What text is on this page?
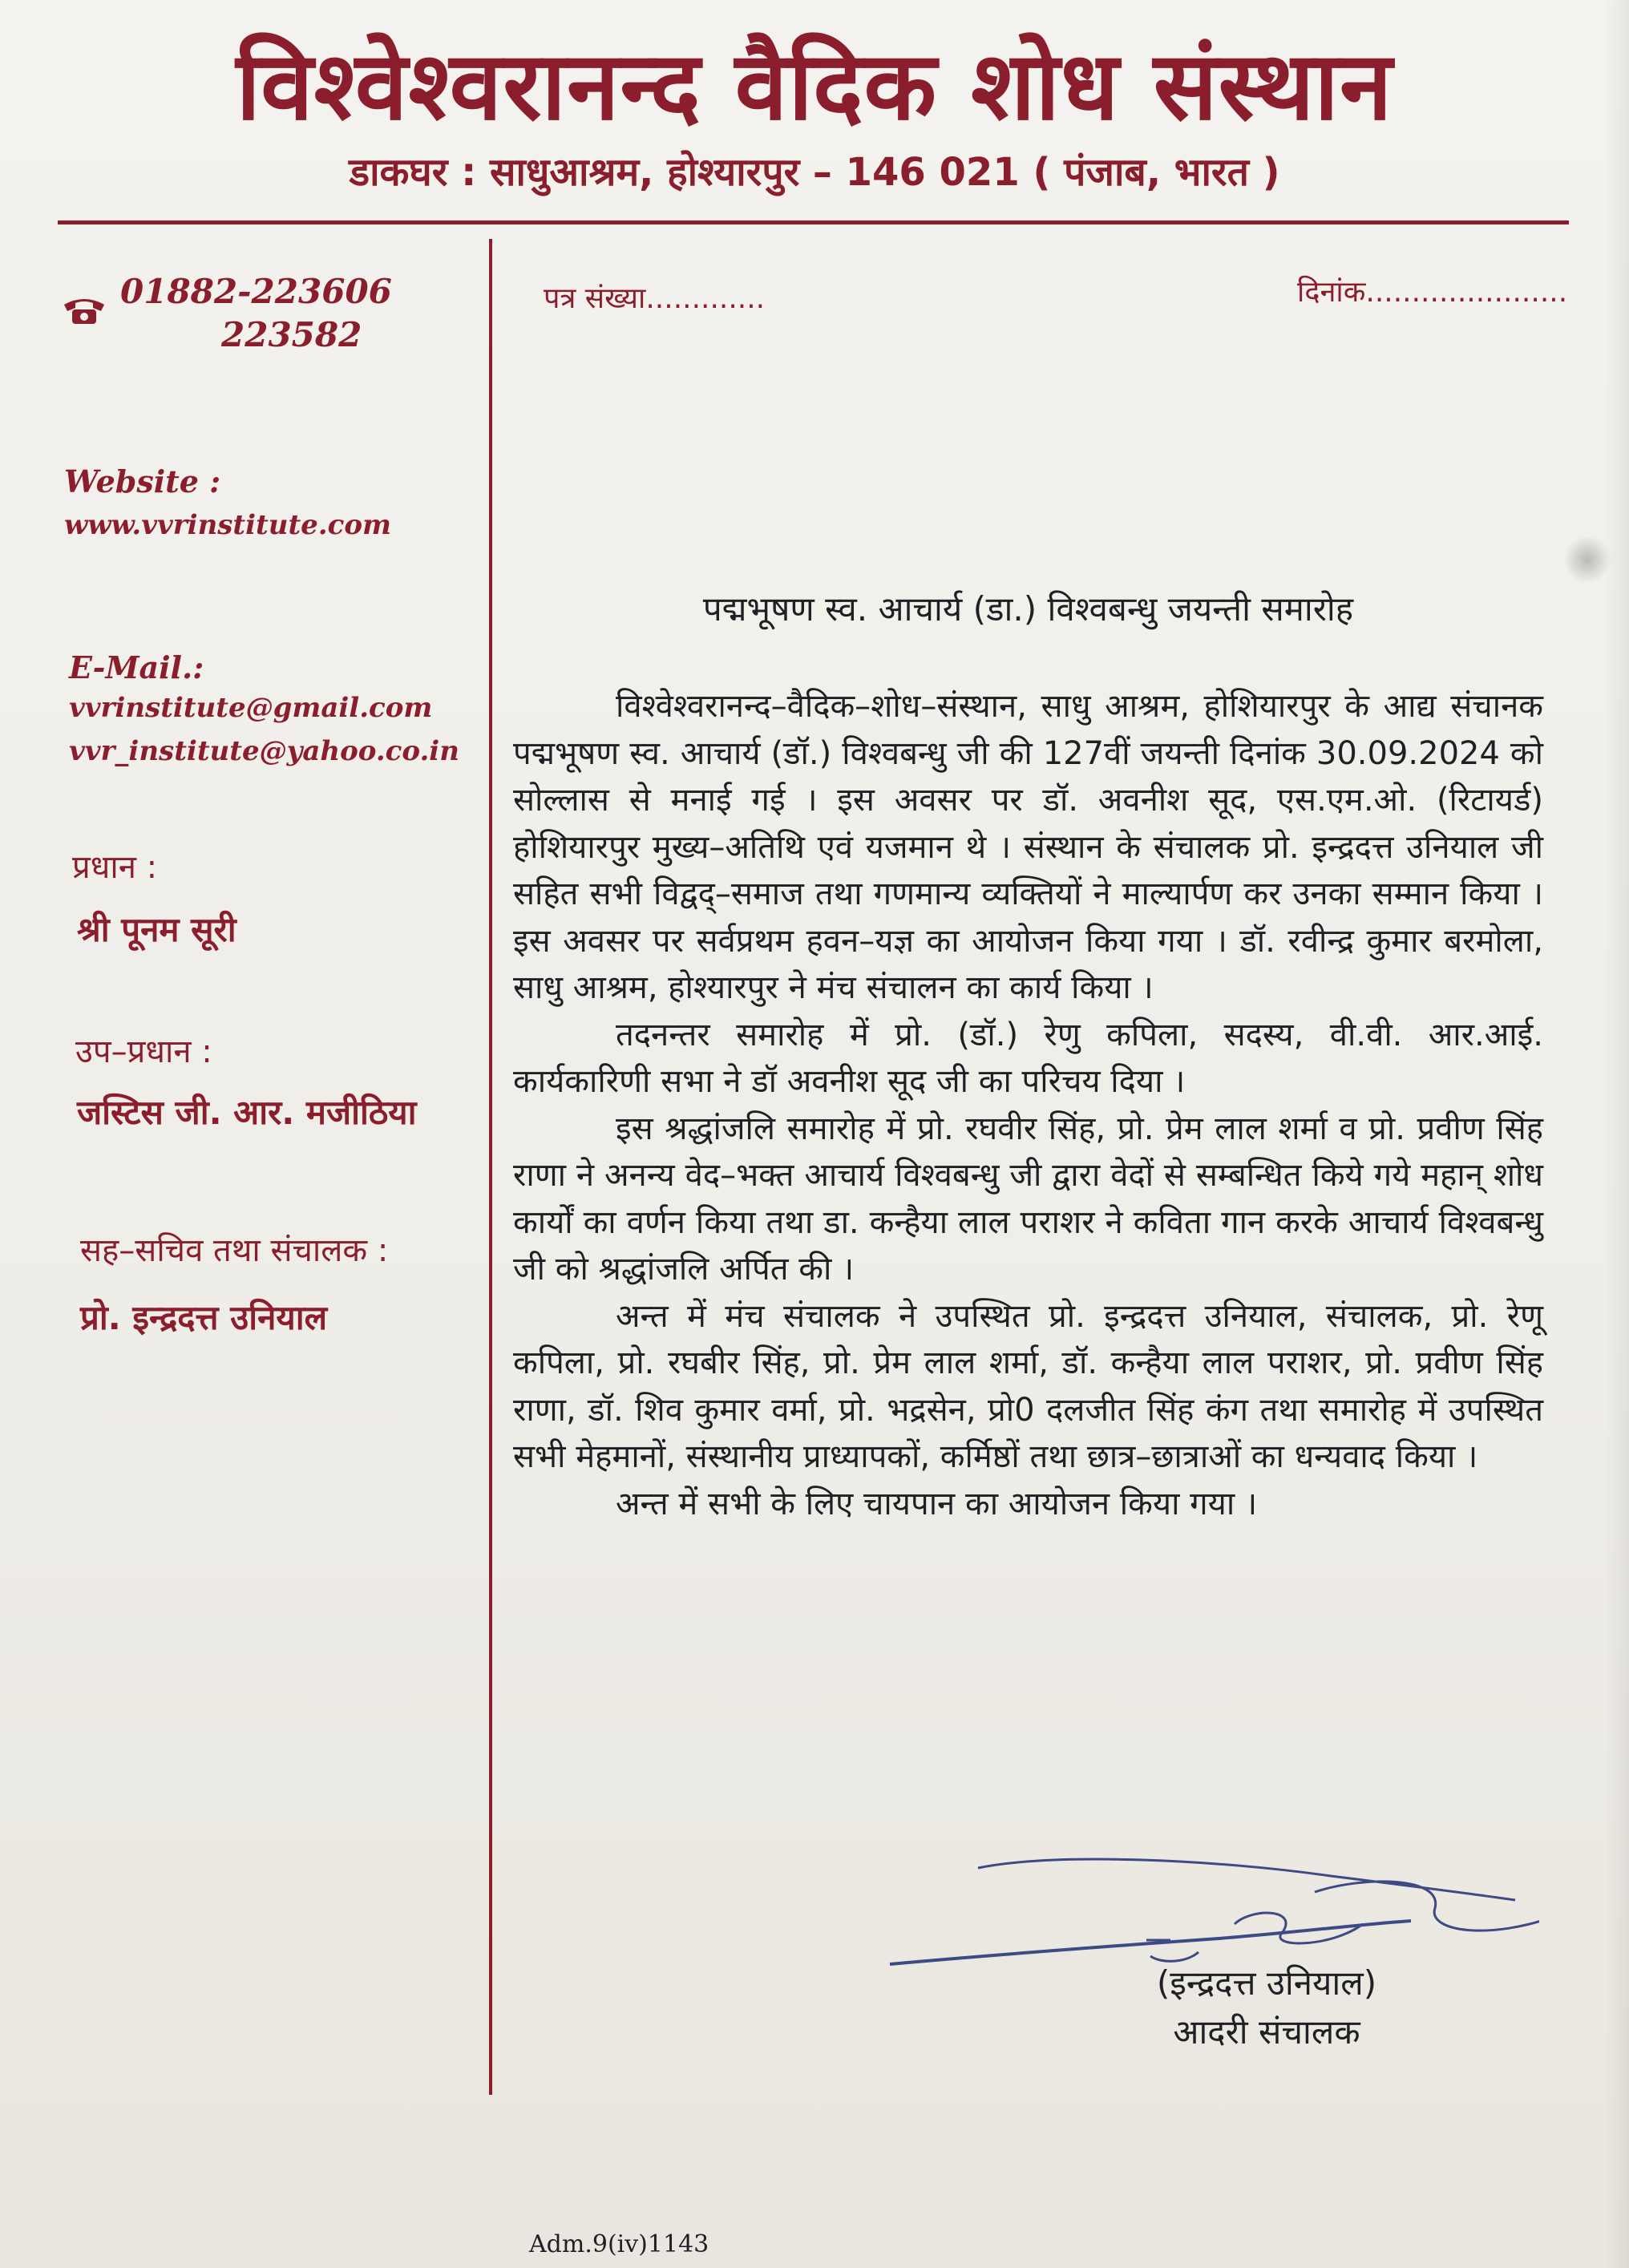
विश्वेश्वरानन्द वैदिक शोध संस्थान
डाकघर : साधुआश्रम, होश्यारपुर – 146 021 ( पंजाब, भारत )
01882-223606
223582
Website :
www.vvrinstitute.com
E-Mail.:
vvrinstitute@gmail.com
vvr_institute@yahoo.co.in
प्रधान :
श्री पूनम सूरी
उप–प्रधान :
जस्टिस जी. आर. मजीठिया
सह–सचिव तथा संचालक :
प्रो. इन्द्रदत्त उनियाल
पत्र संख्या.............	दिनांक......................
पद्मभूषण स्व. आचार्य (डा.) विश्वबन्धु जयन्ती समारोह

विश्वेश्वरानन्द–वैदिक–शोध–संस्थान, साधु आश्रम, होशियारपुर के आद्य संचानक पद्मभूषण स्व. आचार्य (डॉ.) विश्वबन्धु जी की 127वीं जयन्ती दिनांक 30.09.2024 को सोल्लास से मनाई गई । इस अवसर पर डॉ. अवनीश सूद, एस.एम.ओ. (रिटायर्ड) होशियारपुर मुख्य–अतिथि एवं यजमान थे । संस्थान के संचालक प्रो. इन्द्रदत्त उनियाल जी सहित सभी विद्वद्–समाज तथा गणमान्य व्यक्तियों ने माल्यार्पण कर उनका सम्मान किया । इस अवसर पर सर्वप्रथम हवन–यज्ञ का आयोजन किया गया । डॉ. रवीन्द्र कुमार बरमोला, साधु आश्रम, होश्यारपुर ने मंच संचालन का कार्य किया ।

तदनन्तर समारोह में प्रो. (डॉ.) रेणु कपिला, सदस्य, वी.वी. आर.आई. कार्यकारिणी सभा ने डॉ अवनीश सूद जी का परिचय दिया ।

इस श्रद्धांजलि समारोह में प्रो. रघवीर सिंह, प्रो. प्रेम लाल शर्मा व प्रो. प्रवीण सिंह राणा ने अनन्य वेद–भक्त आचार्य विश्वबन्धु जी द्वारा वेदों से सम्बन्धित किये गये महान् शोध कार्यों का वर्णन किया तथा डा. कन्हैया लाल पराशर ने कविता गान करके आचार्य विश्वबन्धु जी को श्रद्धांजलि अर्पित की ।

अन्त में मंच संचालक ने उपस्थित प्रो. इन्द्रदत्त उनियाल, संचालक, प्रो. रेणू कपिला, प्रो. रघबीर सिंह, प्रो. प्रेम लाल शर्मा, डॉ. कन्हैया लाल पराशर, प्रो. प्रवीण सिंह राणा, डॉ. शिव कुमार वर्मा, प्रो. भद्रसेन, प्रो0 दलजीत सिंह कंग तथा समारोह में उपस्थित सभी मेहमानों, संस्थानीय प्राध्यापकों, कर्मिष्ठों तथा छात्र–छात्राओं का धन्यवाद किया ।

अन्त में सभी के लिए चायपान का आयोजन किया गया ।

(इन्द्रदत्त उनियाल)
आदरी संचालक
Adm.9(iv)1143
